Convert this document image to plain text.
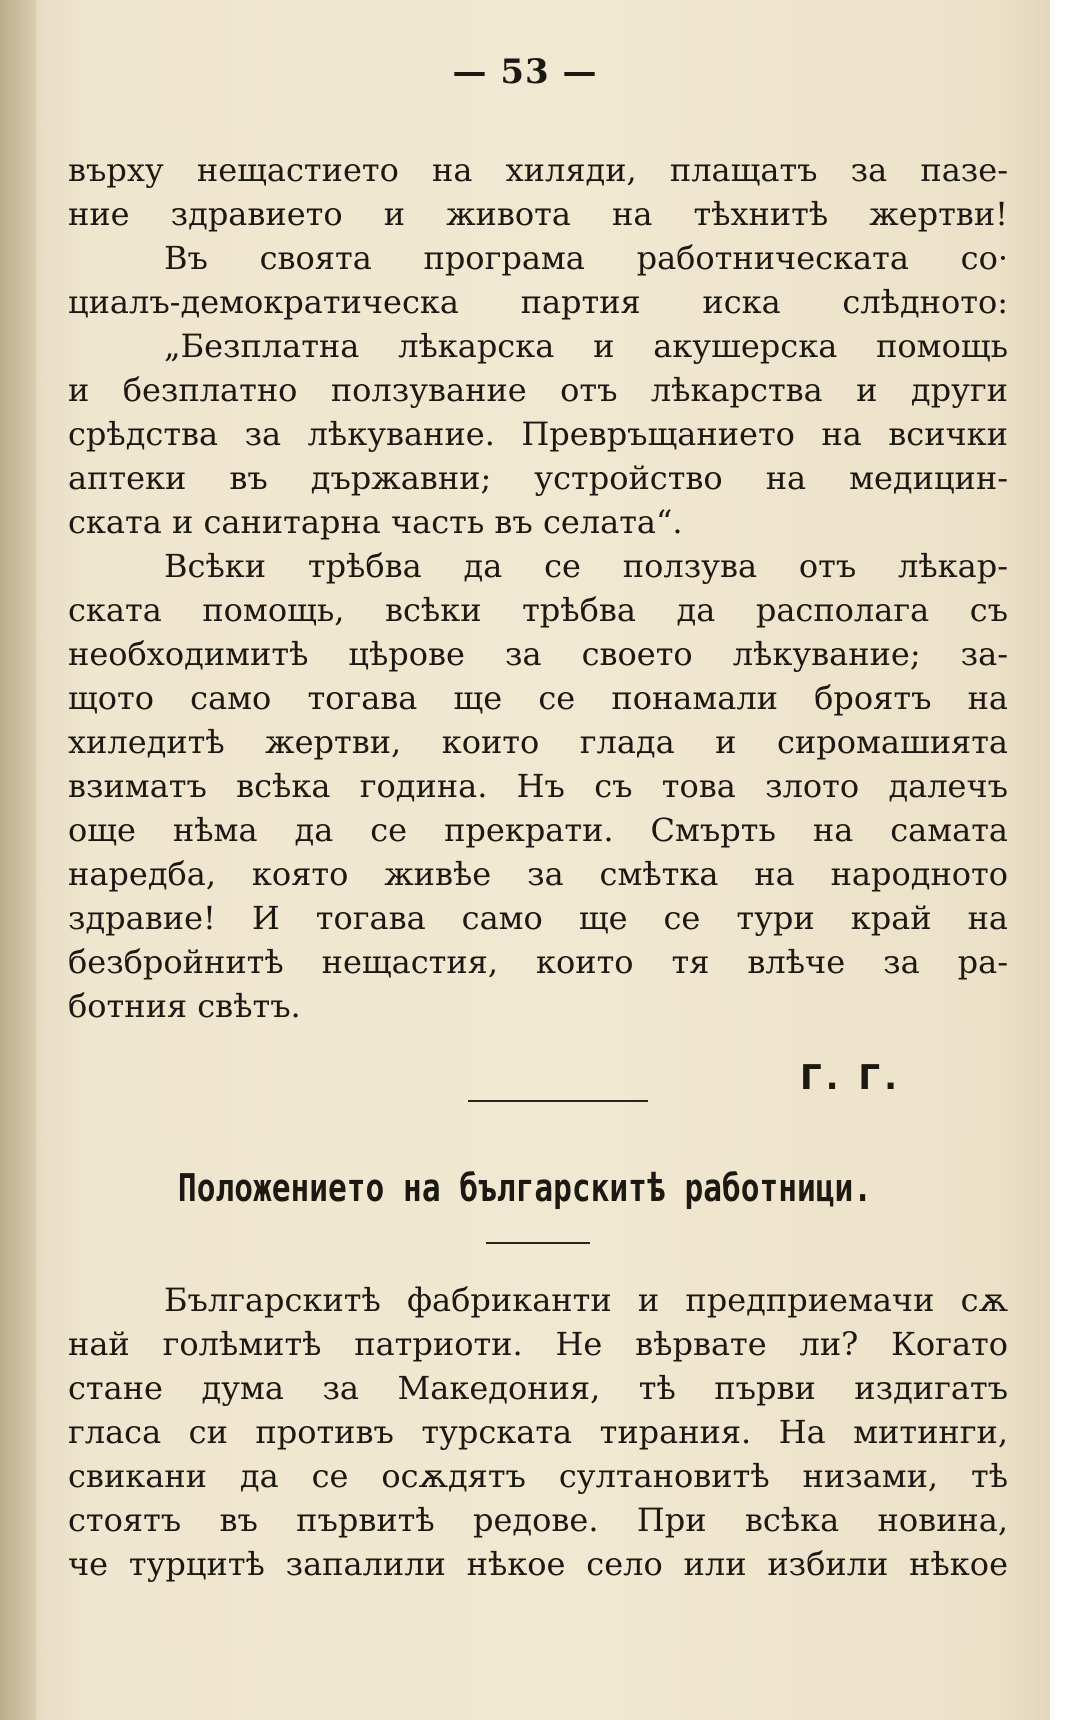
— 53 —
върху нещастието на хиляди, плащатъ за пазе-
ние здравието и живота на тѣхнитѣ жертви!
Въ своята програма работническата со·
циалъ-демократическа партия иска слѣдното:
„Безплатна лѣкарска и акушерска помощь
и безплатно ползувание отъ лѣкарства и други
срѣдства за лѣкувание. Превръщанието на всички
аптеки въ държавни; устройство на медицин-
ската и санитарна часть въ селата“.
Всѣки трѣбва да се ползува отъ лѣкар-
ската помощь, всѣки трѣбва да располага съ
необходимитѣ цѣрове за своето лѣкувание; за-
щото само тогава ще се понамали броятъ на
хиледитѣ жертви, които глада и сиромашията
взиматъ всѣка година. Нъ съ това злото далечъ
още нѣма да се прекрати. Смърть на самата
наредба, която живѣе за смѣтка на народното
здравие! И тогава само ще се тури край на
безбройнитѣ нещастия, които тя влѣче за ра-
ботния свѣтъ.
Г. Г.
Положението на българскитѣ работници.
Българскитѣ фабриканти и предприемачи сѫ
най голѣмитѣ патриоти. Не вѣрвате ли? Когато
стане дума за Македония, тѣ първи издигатъ
гласа си противъ турската тирания. На митинги,
свикани да се осѫдятъ султановитѣ низами, тѣ
стоятъ въ първитѣ редове. При всѣка новина,
че турцитѣ запалили нѣкое село или избили нѣкое
